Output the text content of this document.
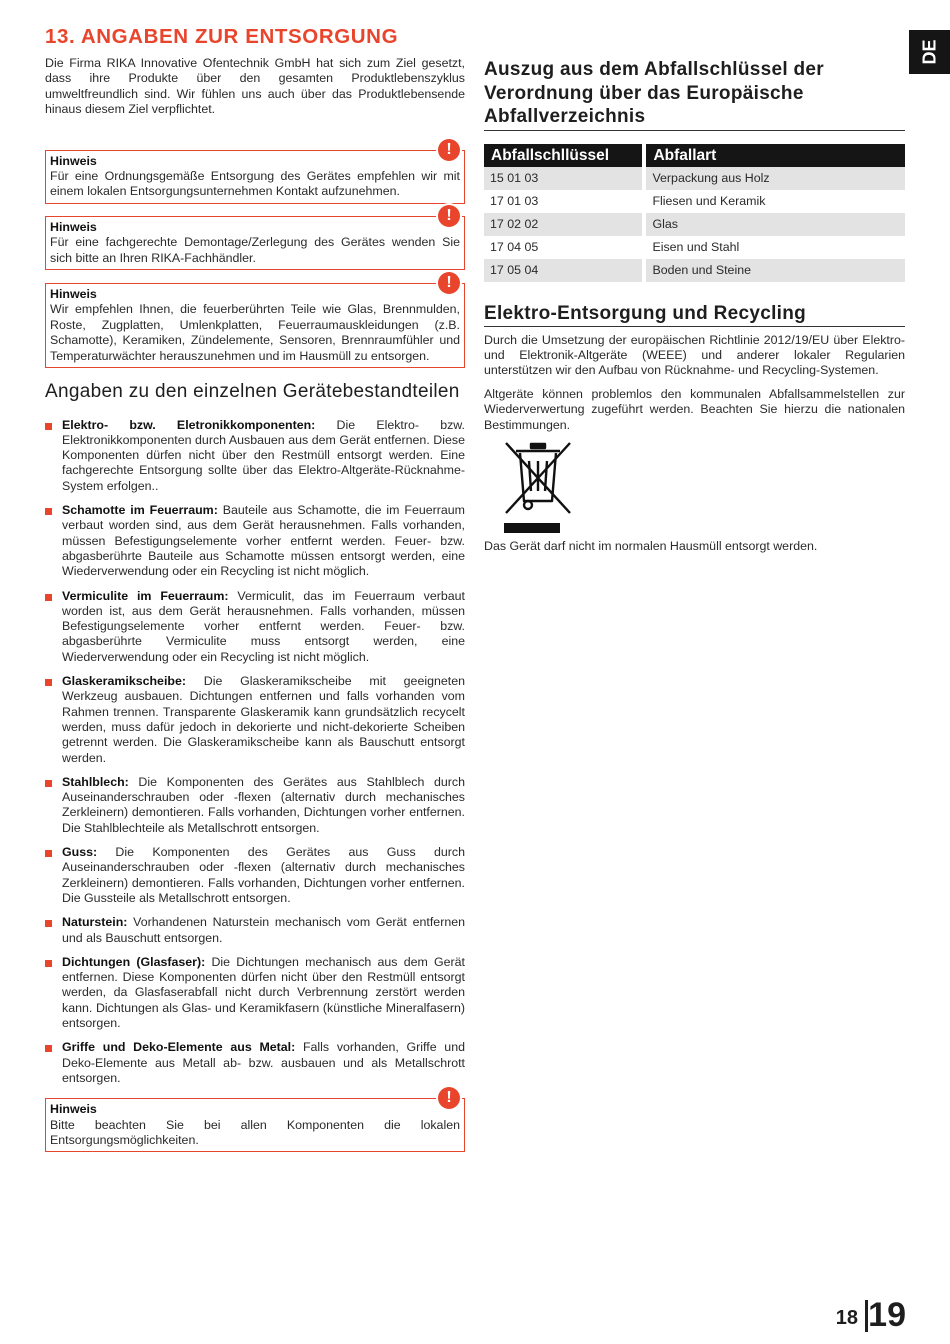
DE
13. ANGABEN ZUR ENTSORGUNG

Die Firma RIKA Innovative Ofentechnik GmbH hat sich zum Ziel gesetzt, dass ihre Produkte über den gesamten Produktlebenszyklus umweltfreundlich sind. Wir fühlen uns auch über das Produktlebensende hinaus diesem Ziel verpflichtet.

!
Hinweis
Für eine Ordnungsgemäße Entsorgung des Gerätes empfehlen wir mit einem lokalen Entsorgungsunternehmen Kontakt aufzunehmen.
!
Hinweis
Für eine fachgerechte Demontage/Zerlegung des Gerätes wenden Sie sich bitte an Ihren RIKA-Fachhändler.
!
Hinweis
Wir empfehlen Ihnen, die feuerberührten Teile wie Glas, Brennmulden, Roste, Zugplatten, Umlenkplatten, Feuerraumauskleidungen (z.B. Schamotte), Keramiken, Zündelemente, Sensoren, Brennraumfühler und Temperaturwächter herauszunehmen und im Hausmüll zu entsorgen.
Angaben zu den einzelnen Gerätebestandteilen
Elektro- bzw. Eletronikkomponenten: Die Elektro- bzw. Elektronikkomponenten durch Ausbauen aus dem Gerät entfernen. Diese Komponenten dürfen nicht über den Restmüll entsorgt werden. Eine fachgerechte Entsorgung sollte über das Elektro-Altgeräte-Rücknahme-System erfolgen..
Schamotte im Feuerraum: Bauteile aus Schamotte, die im Feuerraum verbaut worden sind, aus dem Gerät herausnehmen. Falls vorhanden, müssen Befestigungselemente vorher entfernt werden. Feuer- bzw. abgasberührte Bauteile aus Schamotte müssen entsorgt werden, eine Wiederverwendung oder ein Recycling ist nicht möglich.
Vermiculite im Feuerraum: Vermiculit, das im Feuerraum verbaut worden ist, aus dem Gerät herausnehmen. Falls vorhanden, müssen Befestigungselemente vorher entfernt werden. Feuer- bzw. abgasberührte Vermiculite muss entsorgt werden, eine Wiederverwendung oder ein Recycling ist nicht möglich.
Glaskeramikscheibe: Die Glaskeramikscheibe mit geeigneten Werkzeug ausbauen. Dichtungen entfernen und falls vorhanden vom Rahmen trennen. Transparente Glaskeramik kann grundsätzlich recycelt werden, muss dafür jedoch in dekorierte und nicht-dekorierte Scheiben getrennt werden. Die Glaskeramikscheibe kann als Bauschutt entsorgt werden.
Stahlblech: Die Komponenten des Gerätes aus Stahlblech durch Auseinanderschrauben oder -flexen (alternativ durch mechanisches Zerkleinern) demontieren. Falls vorhanden, Dichtungen vorher entfernen. Die Stahlblechteile als Metallschrott entsorgen.
Guss: Die Komponenten des Gerätes aus Guss durch Auseinanderschrauben oder -flexen (alternativ durch mechanisches Zerkleinern) demontieren. Falls vorhanden, Dichtungen vorher entfernen. Die Gussteile als Metallschrott entsorgen.
Naturstein: Vorhandenen Naturstein mechanisch vom Gerät entfernen und als Bauschutt entsorgen.
Dichtungen (Glasfaser): Die Dichtungen mechanisch aus dem Gerät entfernen. Diese Komponenten dürfen nicht über den Restmüll entsorgt werden, da Glasfaserabfall nicht durch Verbrennung zerstört werden kann. Dichtungen als Glas- und Keramikfasern (künstliche Mineralfasern) entsorgen.
Griffe und Deko-Elemente aus Metal: Falls vorhanden, Griffe und Deko-Elemente aus Metall ab- bzw. ausbauen und als Metallschrott entsorgen.
!
Hinweis
Bitte beachten Sie bei allen Komponenten die lokalen Entsorgungsmöglichkeiten.
Auszug aus dem Abfallschlüssel der Verordnung über das Europäische Abfallverzeichnis
Abfallschllüssel	Abfallart
15 01 03	Verpackung aus Holz
17 01 03	Fliesen und Keramik
17 02 02	Glas
17 04 05	Eisen und Stahl
17 05 04	Boden und Steine
Elektro-Entsorgung und Recycling

Durch die Umsetzung der europäischen Richtlinie 2012/19/EU über Elektro- und Elektronik-Altgeräte (WEEE) und anderer lokaler Regularien unterstützen wir den Aufbau von Rücknahme- und Recycling-Systemen.

Altgeräte können problemlos den kommunalen Abfallsammelstellen zur Wiederverwertung zugeführt werden. Beachten Sie hierzu die nationalen Bestimmungen.

Das Gerät darf nicht im normalen Hausmüll entsorgt werden.

18 19
